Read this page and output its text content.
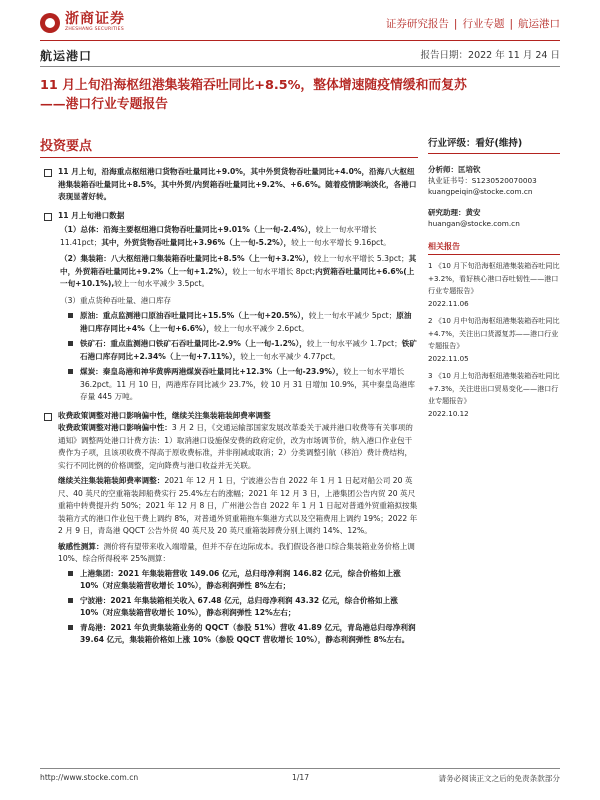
浙商证券
ZHESHANG SECURITIES	证券研究报告 | 行业专题 | 航运港口
航运港口	报告日期：2022 年 11 月 24 日
11 月上旬沿海枢纽港集装箱吞吐同比+8.5%，整体增速随疫情缓和而复苏
——港口行业专题报告
投资要点
11 月上旬，沿海重点枢纽港口货物吞吐量同比+9.0%，其中外贸货物吞吐量同比+4.0%，沿海八大枢纽港集装箱吞吐量同比+8.5%，其中外贸/内贸箱吞吐量同比+9.2%、+6.6%。随着疫情影响淡化，各港口表现显著好转。
11 月上旬港口数据
（1）总体：沿海主要枢纽港口货物吞吐量同比+9.01%（上一旬-2.4%），较上一旬水平增长 11.41pct；其中，外贸货物吞吐量同比+3.96%（上一旬-5.2%），较上一旬水平增长 9.16pct。
（2）集装箱：八大枢纽港口集装箱吞吐量同比+8.5%（上一旬+3.2%），较上一旬水平增长 5.3pct；其中，外贸箱吞吐量同比+9.2%（上一旬+1.2%），较上一旬水平增长 8pct;内贸箱吞吐量同比+6.6%(上一旬+10.1%),较上一旬水平减少 3.5pct。
（3）重点货种吞吐量、港口库存
原油：重点监测港口原油吞吐量同比+15.5%（上一旬+20.5%），较上一旬水平减少 5pct；原油港口库存同比+4%（上一旬+6.6%），较上一旬水平减少 2.6pct。
铁矿石：重点监测港口铁矿石吞吐量同比-2.9%（上一旬-1.2%），较上一旬水平减少 1.7pct；铁矿石港口库存同比+2.34%（上一旬+7.11%），较上一旬水平减少 4.77pct。
煤炭：秦皇岛港和神华黄骅两港煤炭吞吐量同比+12.3%（上一旬-23.9%），较上一旬水平增长 36.2pct。11 月 10 日，两港库存同比减少 23.7%，较 10 月 31 日增加 10.9%，其中秦皇岛港库存量 445 万吨。
收费政策调整对港口影响偏中性，继续关注集装箱装卸费率调整
收费政策调整对港口影响偏中性：3 月 2 日，《交通运输部国家发展改革委关于减并港口收费等有关事项的通知》调整两处港口计费方法：1）取消港口设施保安费的政府定价，改为市场调节价，纳入港口作业包干费作为子项，且该项收费不得高于原收费标准，并非削减或取消；2）分类调整引航（移泊）费计费结构，实行不同比例的价格调整，定向降费与港口收益并无关联。
继续关注集装箱装卸费率调整：2021 年 12 月 1 日，宁波港公告自 2022 年 1 月 1 日起对船公司 20 英尺、40 英尺的空重箱装卸船费实行 25.4%左右的涨幅；2021 年 12 月 3 日，上港集团公告内贸 20 英尺重箱中转费提升约 50%；2021 年 12 月 8 日，广州港公告自 2022 年 1 月 1 日起对普通外贸重箱拟按集装箱方式的港口作业包干费上调约 8%，对普通外贸重箱拖车集港方式以及空箱费用上调约 19%；2022 年 2 月 9 日，青岛港 QQCT 公告外贸 40 英尺及 20 英尺重箱装卸费分别上调约 14%、12%。
敏感性测算：测价将有望带来收入端增量，但并不存在边际成本。我们假设各港口综合集装箱业务价格上调 10%、综合所得税率 25%测算：
上港集团：2021 年集装箱营收 149.06 亿元，总归母净利润 146.82 亿元，综合价格如上涨 10%（对应集装箱营收增长 10%），静态利润弹性 8%左右；
宁波港：2021 年集装箱相关收入 67.48 亿元，总归母净利润 43.32 亿元，综合价格如上涨 10%（对应集装箱营收增长 10%），静态利润弹性 12%左右；
青岛港：2021 年负责集装箱业务的 QQCT（参股 51%）营收 41.89 亿元，青岛港总归母净利润 39.64 亿元，集装箱价格如上涨 10%（参股 QQCT 营收增长 10%），静态利润弹性 8%左右。
行业评级：看好(维持)
分析师：匡培钦
执业证书号：S1230520070003
kuangpeiqin@stocke.com.cn
研究助理：黄安
huangan@stocke.com.cn
相关报告
1 《10 月下旬沿海枢纽港集装箱吞吐同比+3.2%，看好核心港口吞吐韧性——港口行业专题报告》
2022.11.06
2 《10 月中旬沿海枢纽港集装箱吞吐同比+4.7%，关注出口货源复苏——港口行业专题报告》
2022.11.05
3 《10 月上旬沿海枢纽港集装箱吞吐同比+7.3%，关注进出口贸易变化——港口行业专题报告》
2022.10.12
http://www.stocke.com.cn	1/17	请务必阅读正文之后的免责条款部分
